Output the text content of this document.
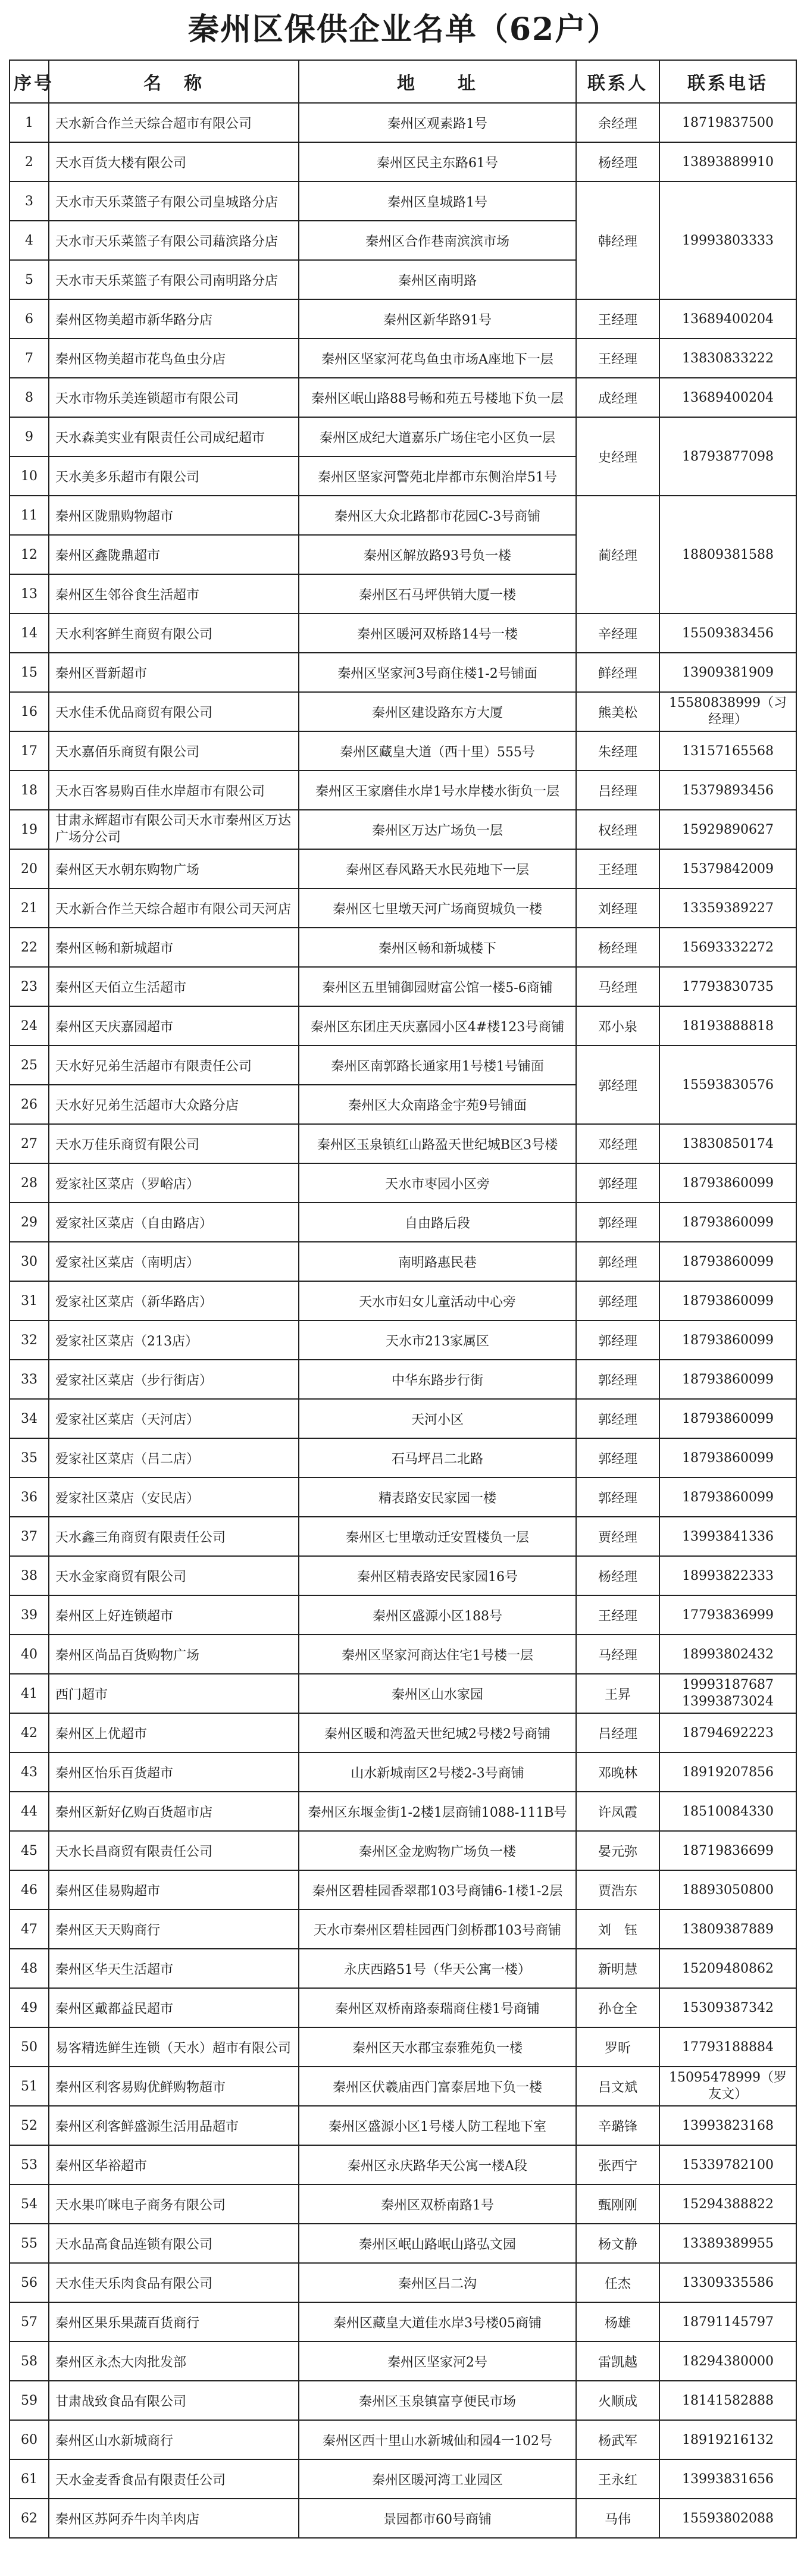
秦州区保供企业名单（62户）
序号	名　称	地　　址	联系人	联系电话
1	天水新合作兰天综合超市有限公司	秦州区观素路1号	余经理	18719837500
2	天水百货大楼有限公司	秦州区民主东路61号	杨经理	13893889910
3	天水市天乐菜篮子有限公司皇城路分店	秦州区皇城路1号	韩经理	19993803333
4	天水市天乐菜篮子有限公司藉滨路分店	秦州区合作巷南滨滨市场		
5	天水市天乐菜篮子有限公司南明路分店	秦州区南明路		
6	秦州区物美超市新华路分店	秦州区新华路91号	王经理	13689400204
7	秦州区物美超市花鸟鱼虫分店	秦州区坚家河花鸟鱼虫市场A座地下一层	王经理	13830833222
8	天水市物乐美连锁超市有限公司	秦州区岷山路88号畅和苑五号楼地下负一层	成经理	13689400204
9	天水森美实业有限责任公司成纪超市	秦州区成纪大道嘉乐广场住宅小区负一层	史经理	18793877098
10	天水美多乐超市有限公司	秦州区坚家河警苑北岸都市东侧治岸51号		
11	秦州区陇鼎购物超市	秦州区大众北路都市花园C-3号商铺	蔺经理	18809381588
12	秦州区鑫陇鼎超市	秦州区解放路93号负一楼		
13	秦州区生邻谷食生活超市	秦州区石马坪供销大厦一楼		
14	天水利客鲜生商贸有限公司	秦州区暖河双桥路14号一楼	辛经理	15509383456
15	秦州区晋新超市	秦州区坚家河3号商住楼1-2号铺面	鲜经理	13909381909
16	天水佳禾优品商贸有限公司	秦州区建设路东方大厦	熊美松	15580838999（习经理）
17	天水嘉佰乐商贸有限公司	秦州区藏皇大道（西十里）555号	朱经理	13157165568
18	天水百客易购百佳水岸超市有限公司	秦州区王家磨佳水岸1号水岸楼水街负一层	吕经理	15379893456
19	甘肃永辉超市有限公司天水市秦州区万达广场分公司	秦州区万达广场负一层	权经理	15929890627
20	秦州区天水朝东购物广场	秦州区春风路天水民苑地下一层	王经理	15379842009
21	天水新合作兰天综合超市有限公司天河店	秦州区七里墩天河广场商贸城负一楼	刘经理	13359389227
22	秦州区畅和新城超市	秦州区畅和新城楼下	杨经理	15693332272
23	秦州区天佰立生活超市	秦州区五里铺御园财富公馆一楼5-6商铺	马经理	17793830735
24	秦州区天庆嘉园超市	秦州区东团庄天庆嘉园小区4#楼123号商铺	邓小泉	18193888818
25	天水好兄弟生活超市有限责任公司	秦州区南郭路长通家用1号楼1号铺面	郭经理	15593830576
26	天水好兄弟生活超市大众路分店	秦州区大众南路金宇苑9号铺面		
27	天水万佳乐商贸有限公司	秦州区玉泉镇红山路盈天世纪城B区3号楼	邓经理	13830850174
28	爱家社区菜店（罗峪店）	天水市枣园小区旁	郭经理	18793860099
29	爱家社区菜店（自由路店）	自由路后段	郭经理	18793860099
30	爱家社区菜店（南明店）	南明路惠民巷	郭经理	18793860099
31	爱家社区菜店（新华路店）	天水市妇女儿童活动中心旁	郭经理	18793860099
32	爱家社区菜店（213店）	天水市213家属区	郭经理	18793860099
33	爱家社区菜店（步行街店）	中华东路步行街	郭经理	18793860099
34	爱家社区菜店（天河店）	天河小区	郭经理	18793860099
35	爱家社区菜店（吕二店）	石马坪吕二北路	郭经理	18793860099
36	爱家社区菜店（安民店）	精表路安民家园一楼	郭经理	18793860099
37	天水鑫三角商贸有限责任公司	秦州区七里墩动迁安置楼负一层	贾经理	13993841336
38	天水金家商贸有限公司	秦州区精表路安民家园16号	杨经理	18993822333
39	秦州区上好连锁超市	秦州区盛源小区188号	王经理	17793836999
40	秦州区尚品百货购物广场	秦州区坚家河商达住宅1号楼一层	马经理	18993802432
41	西门超市	秦州区山水家园	王昇	19993187687 13993873024
42	秦州区上优超市	秦州区暖和湾盈天世纪城2号楼2号商铺	吕经理	18794692223
43	秦州区怡乐百货超市	山水新城南区2号楼2-3号商铺	邓晚林	18919207856
44	秦州区新好亿购百货超市店	秦州区东堰金街1-2楼1层商铺1088-111B号	许凤霞	18510084330
45	天水长昌商贸有限责任公司	秦州区金龙购物广场负一楼	晏元弥	18719836699
46	秦州区佳易购超市	秦州区碧桂园香翠郡103号商铺6-1楼1-2层	贾浩东	18893050800
47	秦州区天天购商行	天水市秦州区碧桂园西门剑桥郡103号商铺	刘　钰	13809387889
48	秦州区华天生活超市	永庆西路51号（华天公寓一楼）	新明慧	15209480862
49	秦州区戴都益民超市	秦州区双桥南路泰瑞商住楼1号商铺	孙仓全	15309387342
50	易客精选鲜生连锁（天水）超市有限公司	秦州区天水郡宝泰雅苑负一楼	罗昕	17793188884
51	秦州区利客易购优鲜购物超市	秦州区伏羲庙西门富泰居地下负一楼	吕文斌	15095478999（罗友文）
52	秦州区利客鲜盛源生活用品超市	秦州区盛源小区1号楼人防工程地下室	辛璐锋	13993823168
53	秦州区华裕超市	秦州区永庆路华天公寓一楼A段	张西宁	15339782100
54	天水果吖咪电子商务有限公司	秦州区双桥南路1号	甄刚刚	15294388822
55	天水品高食品连锁有限公司	秦州区岷山路岷山路弘文园	杨文静	13389389955
56	天水佳天乐肉食品有限公司	秦州区吕二沟	任杰	13309335586
57	秦州区果乐果蔬百货商行	秦州区藏皇大道佳水岸3号楼05商铺	杨雄	18791145797
58	秦州区永杰大肉批发部	秦州区坚家河2号	雷凯越	18294380000
59	甘肃战致食品有限公司	秦州区玉泉镇富亨便民市场	火顺成	18141582888
60	秦州区山水新城商行	秦州区西十里山水新城仙和园4一102号	杨武军	18919216132
61	天水金麦香食品有限责任公司	秦州区暖河湾工业园区	王永红	13993831656
62	秦州区苏阿乔牛肉羊肉店	景园都市60号商铺	马伟	15593802088
